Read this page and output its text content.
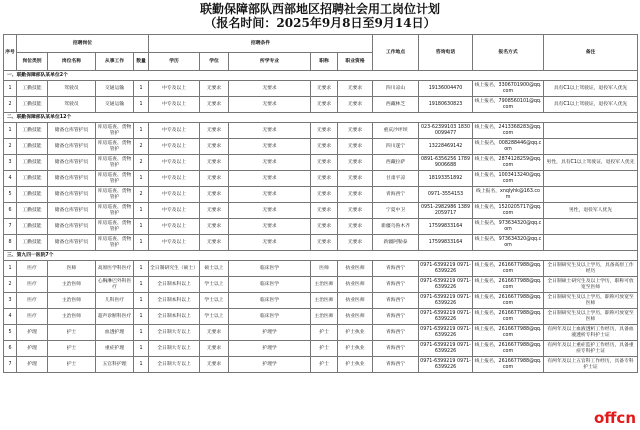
联勤保障部队西部地区招聘社会用工岗位计划
（报名时间：2025年9月8日至9月14日）
序号	招聘岗位				招聘条件					工作地点	咨询电话	报名方式	备注
	岗位类别	岗位名称	从事工作	数量	学历	学位	所学专业	职称	职业资格				
一、联勤保障部队某单位2个													
1	工勤技能	驾驶员	交通运输	1	中专及以上	无要求	无要求	无要求	无要求	四川凉山	19136004470	线上报名，3306701900@qq.com	具有C1以上驾驶证，退役军人优先
2	工勤技能	驾驶员	交通运输	1	中专及以上	无要求	无要求	无要求	无要求	西藏林芝	19180630823	线上报名，7908560101@qq.com	具有C1以上驾驶证，退役军人优先
二、联勤保障部队某单位12个													
1	工勤技能	储备仓库管护员	库房巡查、货物管护	1	中专及以上	无要求	无要求	无要求	无要求	重庆沙坪坝	023-62399103 18300099477	线上报名，2413368283@qq.com	
2	工勤技能	储备仓库管护员	库房巡查、货物管护	2	中专及以上	无要求	无要求	无要求	无要求	四川遂宁	13228469142	线上报名，008288446@qq.com	
3	工勤技能	储备仓库管护员	库房巡查、货物管护	2	中专及以上	无要求	无要求	无要求	无要求	西藏拉萨	0891-6356256 17899006688	线上报名，2874128259@qq.com	男性，具有C1以上驾驶证，退役军人优先
4	工勤技能	储备仓库管护员	库房巡查、货物管护	1	中专及以上	无要求	无要求	无要求	无要求	甘肃平凉	18193351892	线上报名，1003413240@qq.com	
5	工勤技能	储备仓库管护员	库房巡查、货物管护	2	中专及以上	无要求	无要求	无要求	无要求	青海西宁	0971-3554153	线上报名，xnqlyhk@163.com	
6	工勤技能	储备仓库管护员	库房巡查、货物管护	1	中专及以上	无要求	无要求	无要求	无要求	宁夏中卫	0951-2982986 13892059717	线上报名，1520205717@qq.com	男性，退役军人优先
7	工勤技能	储备仓库管护员	库房巡查、货物管护	1	中专及以上	无要求	无要求	无要求	无要求	新疆乌鲁木齐	17599833164	线上报名，973634320@qq.com	
8	工勤技能	储备仓库管护员	库房巡查、货物管护	1	中专及以上	无要求	无要求	无要求	无要求	新疆阿勒泰	17599833164	线上报名，973634320@qq.com	
三、第九四一医院7个													
1	医疗	医师	高原医学科医疗	1	全日制研究生（硕士）	硕士以上	临床医学	医师	执业医师	青海西宁	0971-6399219 0971-6399226	线上报名，2616677988@qq.com	全日制研究生及以上学历，具备高原工作经历
2	医疗	主治医师	心胸淋巴外科医疗	1	全日制本科以上	学士以上	临床医学	主治医师	执业医师	青海西宁	0971-6399219 0971-6399226	线上报名，2616677988@qq.com	全日制硕士研究生及以上学历，职称可放宽至医师
3	医疗	主治医师	儿科医疗	1	全日制本科以上	学士以上	临床医学	主治医师	执业医师	青海西宁	0971-6399219 0971-6399226	线上报名，2616677988@qq.com	全日制研究生及以上学历，职称可放宽至医师
4	医疗	主治医师	超声诊断科医疗	1	全日制本科以上	学士以上	临床医学	主治医师	执业医师	青海西宁	0971-6399219 0971-6399226	线上报名，2616677988@qq.com	全日制研究生及以上学历，职称可放宽至医师
5	护理	护士	血透护理	1	全日制大专以上	无要求	护理学	护士	护士执业	青海西宁	0971-6399219 0971-6399226	线上报名，2616677988@qq.com	有两年及以上血液透析工作经历，具备血液透析专科护士证
6	护理	护士	重症护理	1	全日制大专以上	无要求	护理学	护士	护士执业	青海西宁	0971-6399219 0971-6399226	线上报名，2616677988@qq.com	有两年及以上重症监护工作经历，具备重症专科护士证
7	护理	护士	五官科护理	1	全日制大专以上	无要求	护理学	护士	护士执业	青海西宁	0971-6399219 0971-6399226	线上报名，2616677988@qq.com	有两年及以上五官科工作经历，具备专科护士证
offcn
